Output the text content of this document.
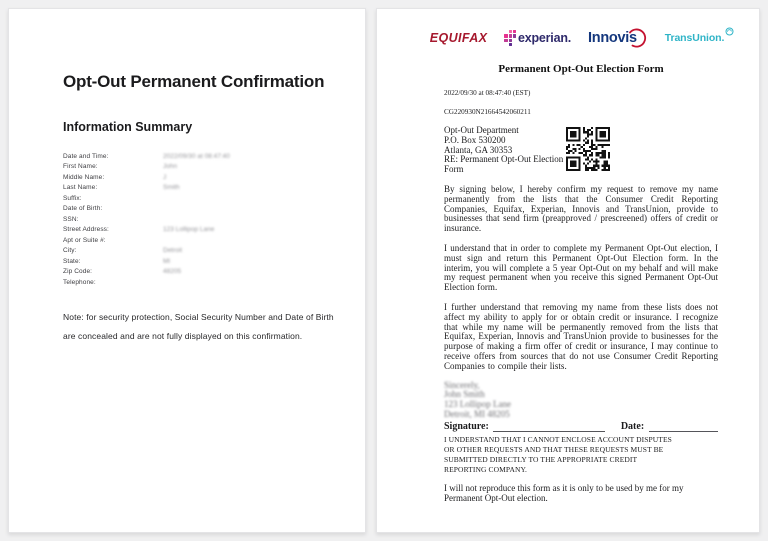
Opt-Out Permanent Confirmation
Information Summary
Date and Time:	2022/09/30 at 08:47:40
First Name:	John
Middle Name:	J
Last Name:	Smith
Suffix:
Date of Birth:
SSN:
Street Address:	123 Lollipop Lane
Apt or Suite #:
City:	Detroit
State:	MI
Zip Code:	48205
Telephone:

Note: for security protection, Social Security Number and Date of Birth
are concealed and are not fully displayed on this confirmation.

EQUIFAX experian. Innovis	TransUnion.
Permanent Opt-Out Election Form
2022/09/30 at 08:47:40 (EST)
CG220930N21664542060211
Opt-Out Department
P.O. Box 530200
Atlanta, GA 30353
RE: Permanent Opt-Out Election
Form
By signing below, I hereby confirm my request to remove my name permanently from the lists that the Consumer Credit Reporting Companies, Equifax, Experian, Innovis and TransUnion, provide to businesses that send firm (preapproved / prescreened) offers of credit or insurance.
I understand that in order to complete my Permanent Opt-Out election, I must sign and return this Permanent Opt-Out Election form. In the interim, you will complete a 5 year Opt-Out on my behalf and will make my request permanent when you receive this signed Permanent Opt-Out Election form.
I further understand that removing my name from these lists does not affect my ability to apply for or obtain credit or insurance. I recognize that while my name will be permanently removed from the lists that Equifax, Experian, Innovis and TransUnion provide to businesses for the purpose of making a firm offer of credit or insurance, I may continue to receive offers from sources that do not use Consumer Credit Reporting Companies to compile their lists.
Sincerely,
John Smith
123 Lollipop Lane
Detroit, MI 48205
Signature:	Date:
I UNDERSTAND THAT I CANNOT ENCLOSE ACCOUNT DISPUTES
OR OTHER REQUESTS AND THAT THESE REQUESTS MUST BE
SUBMITTED DIRECTLY TO THE APPROPRIATE CREDIT
REPORTING COMPANY.

I will not reproduce this form as it is only to be used by me for my Permanent Opt-Out election.
